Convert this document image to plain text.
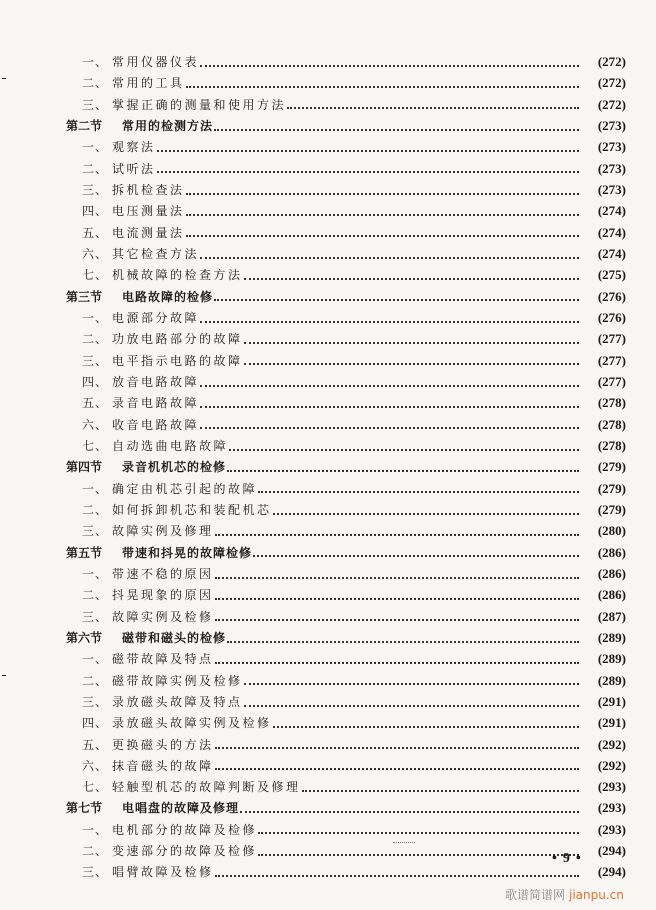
一、 常用仪器仪表	(272)
二、 常用的工具	(272)
三、 掌握正确的测量和使用方法	(272)
第二节	常用的检测方法	(273)
一、 观察法	(273)
二、 试听法	(273)
三、 拆机检查法	(273)
四、 电压测量法	(274)
五、 电流测量法	(274)
六、 其它检查方法	(274)
七、 机械故障的检查方法	(275)
第三节	电路故障的检修	(276)
一、 电源部分故障	(276)
二、 功放电路部分的故障	(277)
三、 电平指示电路的故障	(277)
四、 放音电路故障	(277)
五、 录音电路故障	(278)
六、 收音电路故障	(278)
七、 自动选曲电路故障	(278)
第四节	录音机机芯的检修	(279)
一、 确定由机芯引起的故障	(279)
二、 如何拆卸机芯和装配机芯	(279)
三、 故障实例及修理	(280)
第五节	带速和抖晃的故障检修	(286)
一、 带速不稳的原因	(286)
二、 抖晃现象的原因	(286)
三、 故障实例及检修	(287)
第六节	磁带和磁头的检修	(289)
一、 磁带故障及特点	(289)
二、 磁带故障实例及检修	(289)
三、 录放磁头故障及特点	(291)
四、 录放磁头故障实例及检修	(291)
五、 更换磁头的方法	(292)
六、 抹音磁头的故障	(292)
七、 轻触型机芯的故障判断及修理	(293)
第七节	电唱盘的故障及修理	(293)
一、 电机部分的故障及检修	(293)
二、 变速部分的故障及检修	(294)
三、 唱臂故障及检修	(294)
•9•
歌谱简谱网 jianpu.cn
